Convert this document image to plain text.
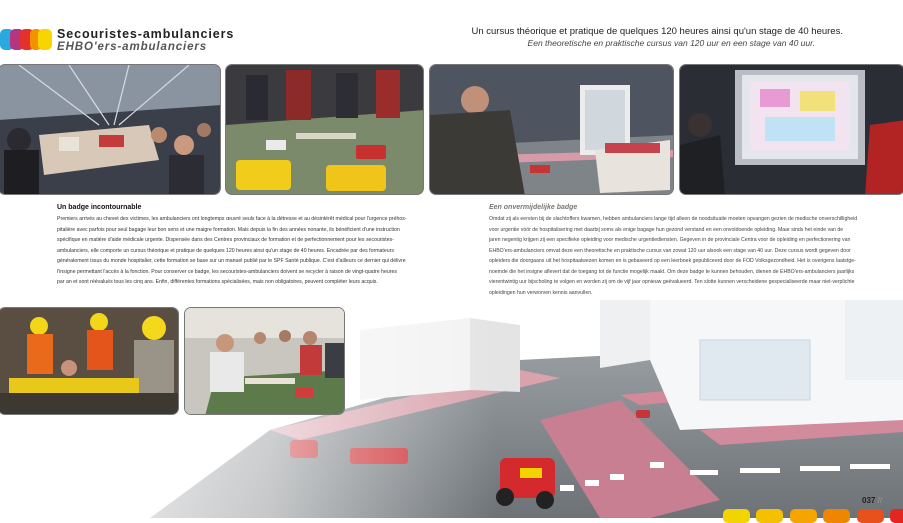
Secouristes-ambulanciers
EHBO'ers-ambulanciers
Un cursus théorique et pratique de quelques 120 heures ainsi qu'un stage de 40 heures.
Een theoretische en praktische cursus van 120 uur en een stage van 40 uur.
Un badge incontournable
Premiers arrivés au chevet des victimes, les ambulanciers ont longtemps œuvré seuls face à la détresse et au désintérêt médical pour l'urgence préhos-
pitalière avec parfois pour seul bagage leur bon sens et une maigre formation. Mais depuis la fin des années nonante, ils bénéficient d'une instruction
spécifique en matière d'aide médicale urgente. Dispensée dans des Centres provinciaux de formation et de perfectionnement pour les secouristes-
ambulanciers, elle comporte un cursus théorique et pratique de quelques 120 heures ainsi qu'un stage de 40 heures. Encadrée par des formateurs
généralement issus du monde hospitalier, cette formation se base sur un manuel publié par le SPF Santé publique. C'est d'ailleurs ce dernier qui délivre
l'insigne permettant l'accès à la fonction. Pour conserver ce badge, les secouristes-ambulanciers doivent se recycler à raison de vingt-quatre heures
par an et sont réévalués tous les cinq ans. Enfin, différentes formations spécialisées, mais non obligatoires, peuvent compléter leurs acquis.
Een onvermijdelijke badge
Omdat zij als eersten bij de slachtoffers kwamen, hebben ambulanciers lange tijd alleen de noodsituatie moeten opvangen gezien de medische onverschilligheid
voor urgentie vóór de hospitalisering met daarbij soms als enige bagage hun gezond verstand en een onvoldoende opleiding. Maar sinds het einde van de
jaren negentig krijgen zij een specifieke opleiding voor medische urgentiediensten. Gegeven in de provinciale Centra voor de opleiding en perfectionering van
EHBO'ers-ambulanciers omvat deze een theoretische en praktische cursus van zowat 120 uur alsook een stage van 40 uur. Deze cursus wordt gegeven door
opleiders die doorgaans uit het hospitaalwezen komen en is gebaseerd op een leerboek gepubliceerd door de FOD Volksgezondheid. Het is overigens laatstge-
noemde die het insigne aflevert dat de toegang tot de functie mogelijk maakt. Om deze badge te kunnen behouden, dienen de EHBO'ers-ambulanciers jaarlijks
vierentwintig uur bijscholing te volgen en worden zij om de vijf jaar opnieuw geëvalueerd. Ten slotte kunnen verscheidene gespecialiseerde maar niet-verplichte
opleidingen hun verworven kennis aanvullen.
037 //
